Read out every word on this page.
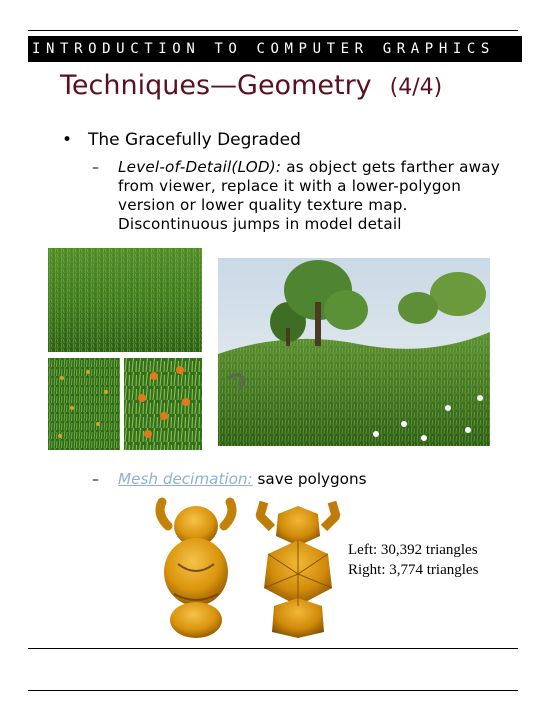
INTRODUCTION TO COMPUTER GRAPHICS
Techniques—Geometry (4/4)
• The Gracefully Degraded
– Level-of-Detail(LOD): as object gets farther away from viewer, replace it with a lower-polygon version or lower quality texture map. Discontinuous jumps in model detail
– Mesh decimation: save polygons
Left: 30,392 triangles
Right: 3,774 triangles
